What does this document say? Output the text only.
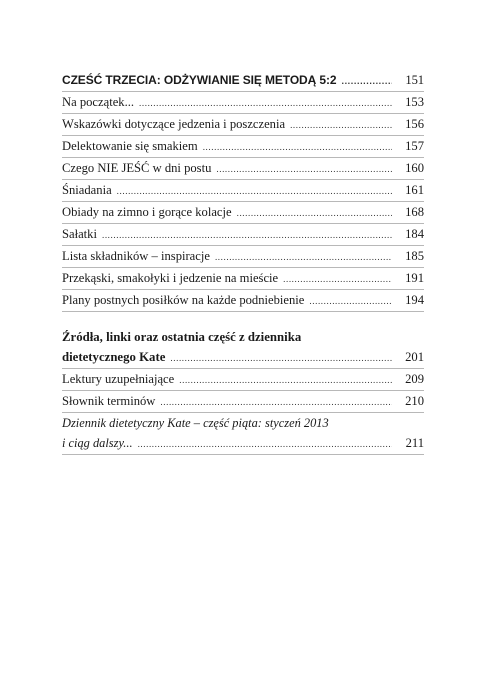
CZEŚĆ TRZECIA: ODŻYWIANIE SIĘ METODĄ 5:2 .....	151
Na początek... .....	153
Wskazówki dotyczące jedzenia i poszczenia .....	156
Delektowanie się smakiem .....	157
Czego NIE JEŚĆ w dni postu .....	160
Śniadania .....	161
Obiady na zimno i gorące kolacje .....	168
Sałatki .....	184
Lista składników – inspiracje .....	185
Przekąski, smakołyki i jedzenie na mieście .....	191
Plany postnych posiłków na każde podniebienie .....	194
Źródła, linki oraz ostatnia część z dziennika
dietetycznego Kate .....	201
Lektury uzupełniające .....	209
Słownik terminów .....	210
Dziennik dietetyczny Kate – część piąta: styczeń 2013
i ciąg dalszy... .....	211
